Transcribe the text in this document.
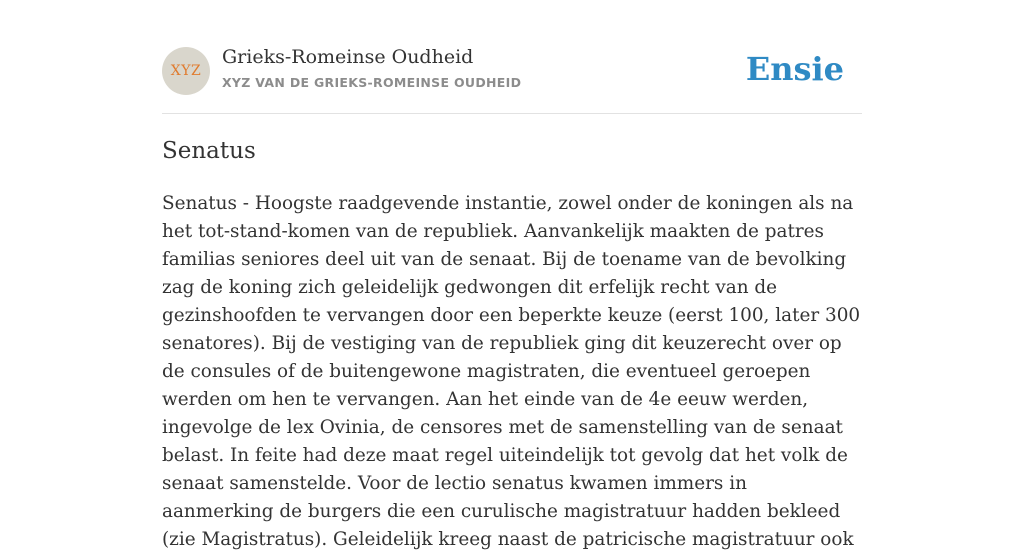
XYZ
Grieks-Romeinse Oudheid
XYZ VAN DE GRIEKS-ROMEINSE OUDHEID	Ensie
Senatus

Senatus - Hoogste raadgevende instantie, zowel onder de koningen als na het tot-stand-komen van de republiek. Aanvankelijk maakten de patres familias seniores deel uit van de senaat. Bij de toename van de bevolking zag de koning zich geleidelijk gedwongen dit erfelijk recht van de gezinshoofden te vervangen door een beperkte keuze (eerst 100, later 300 senatores). Bij de vestiging van de republiek ging dit keuzerecht over op de consules of de buitengewone magistraten, die eventueel geroepen werden om hen te vervangen. Aan het einde van de 4e eeuw werden, ingevolge de lex Ovinia, de censores met de samenstelling van de senaat belast. In feite had deze maat regel uiteindelijk tot gevolg dat het volk de senaat samenstelde. Voor de lectio senatus kwamen immers in aanmerking de burgers die een curulische magistratuur hadden bekleed (zie Magistratus). Geleidelijk kreeg naast de patricische magistratuur ook
